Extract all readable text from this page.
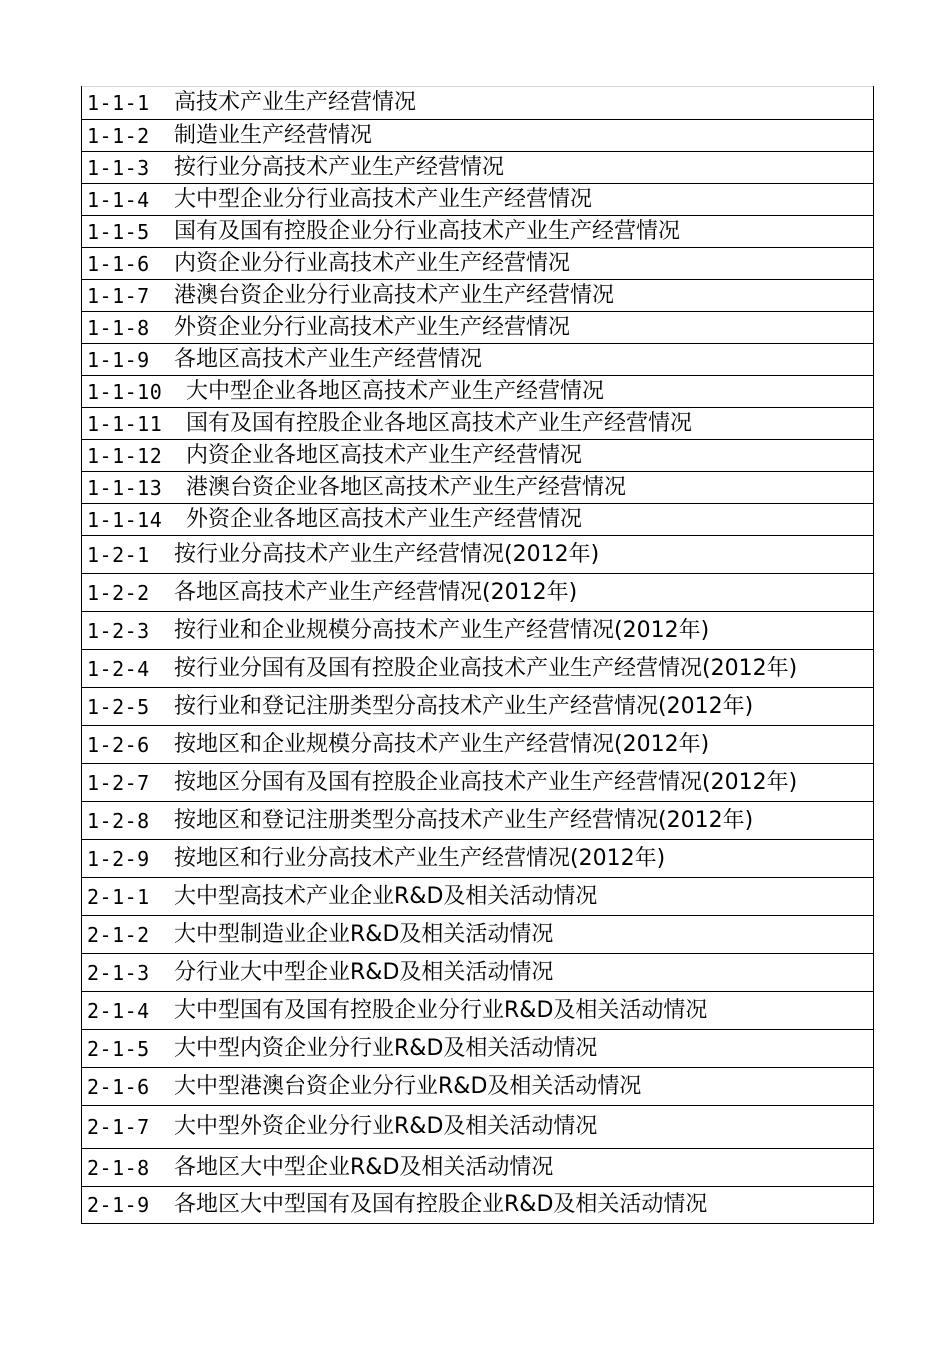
1-1-1	高技术产业生产经营情况
1-1-2	制造业生产经营情况
1-1-3	按行业分高技术产业生产经营情况
1-1-4	大中型企业分行业高技术产业生产经营情况
1-1-5	国有及国有控股企业分行业高技术产业生产经营情况
1-1-6	内资企业分行业高技术产业生产经营情况
1-1-7	港澳台资企业分行业高技术产业生产经营情况
1-1-8	外资企业分行业高技术产业生产经营情况
1-1-9	各地区高技术产业生产经营情况
1-1-10	大中型企业各地区高技术产业生产经营情况
1-1-11	国有及国有控股企业各地区高技术产业生产经营情况
1-1-12	内资企业各地区高技术产业生产经营情况
1-1-13	港澳台资企业各地区高技术产业生产经营情况
1-1-14	外资企业各地区高技术产业生产经营情况
1-2-1	按行业分高技术产业生产经营情况(2012年)
1-2-2	各地区高技术产业生产经营情况(2012年)
1-2-3	按行业和企业规模分高技术产业生产经营情况(2012年)
1-2-4	按行业分国有及国有控股企业高技术产业生产经营情况(2012年)
1-2-5	按行业和登记注册类型分高技术产业生产经营情况(2012年)
1-2-6	按地区和企业规模分高技术产业生产经营情况(2012年)
1-2-7	按地区分国有及国有控股企业高技术产业生产经营情况(2012年)
1-2-8	按地区和登记注册类型分高技术产业生产经营情况(2012年)
1-2-9	按地区和行业分高技术产业生产经营情况(2012年)
2-1-1	大中型高技术产业企业R&D及相关活动情况
2-1-2	大中型制造业企业R&D及相关活动情况
2-1-3	分行业大中型企业R&D及相关活动情况
2-1-4	大中型国有及国有控股企业分行业R&D及相关活动情况
2-1-5	大中型内资企业分行业R&D及相关活动情况
2-1-6	大中型港澳台资企业分行业R&D及相关活动情况
2-1-7	大中型外资企业分行业R&D及相关活动情况
2-1-8	各地区大中型企业R&D及相关活动情况
2-1-9	各地区大中型国有及国有控股企业R&D及相关活动情况
